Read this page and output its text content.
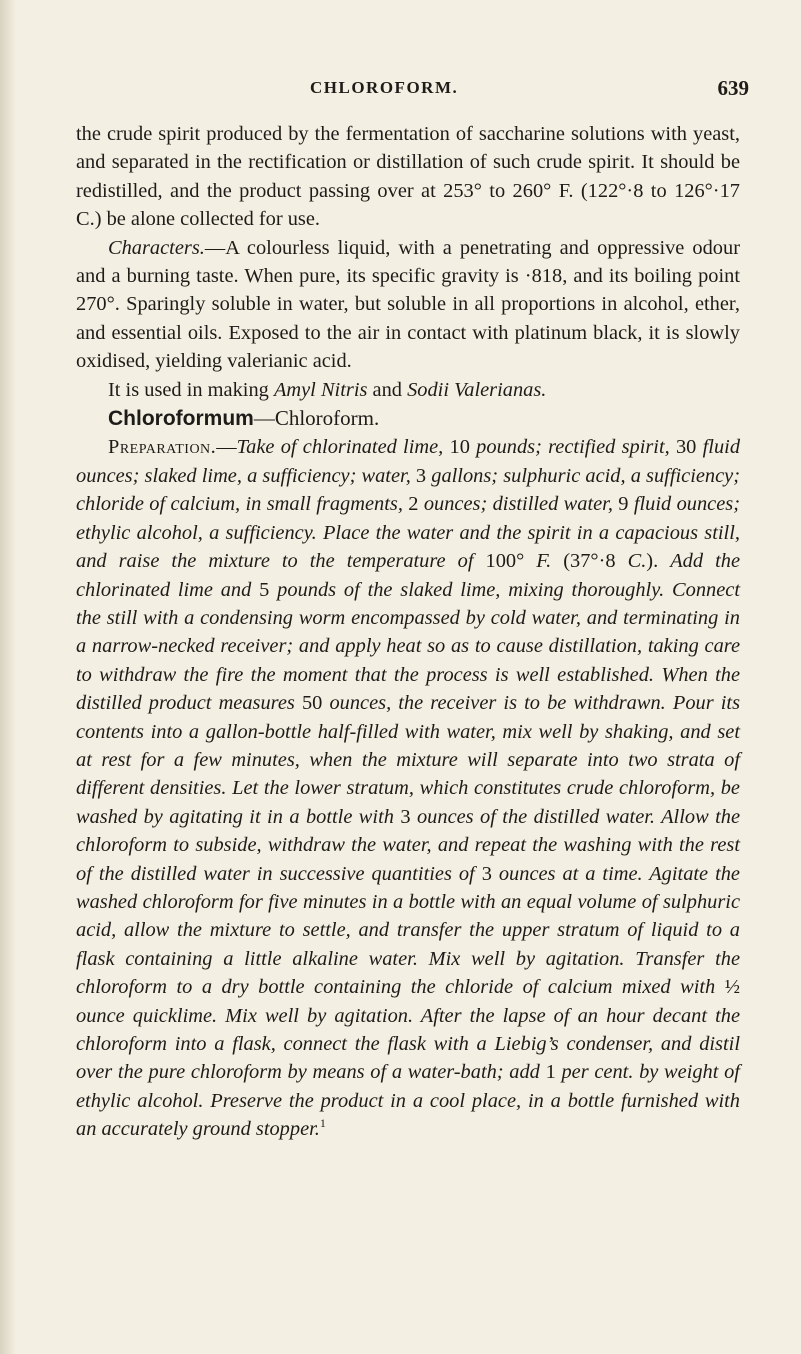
CHLOROFORM.	639

the crude spirit produced by the fermentation of saccharine solutions with yeast, and separated in the rectification or distillation of such crude spirit. It should be redistilled, and the product passing over at 253° to 260° F. (122°·8 to 126°·17 C.) be alone collected for use.

Characters.—A colourless liquid, with a penetrating and oppressive odour and a burning taste. When pure, its specific gravity is ·818, and its boiling point 270°. Sparingly soluble in water, but soluble in all proportions in alcohol, ether, and essential oils. Exposed to the air in contact with platinum black, it is slowly oxidised, yielding valerianic acid.

It is used in making Amyl Nitris and Sodii Valerianas.

Chloroformum—Chloroform.

Preparation.—Take of chlorinated lime, 10 pounds; rectified spirit, 30 fluid ounces; slaked lime, a sufficiency; water, 3 gallons; sulphuric acid, a sufficiency; chloride of calcium, in small fragments, 2 ounces; distilled water, 9 fluid ounces; ethylic alcohol, a sufficiency. Place the water and the spirit in a capacious still, and raise the mixture to the temperature of 100° F. (37°·8 C.). Add the chlorinated lime and 5 pounds of the slaked lime, mixing thoroughly. Connect the still with a condensing worm encompassed by cold water, and terminating in a narrow-necked receiver; and apply heat so as to cause distillation, taking care to withdraw the fire the moment that the process is well established. When the distilled product measures 50 ounces, the receiver is to be withdrawn. Pour its contents into a gallon-bottle half-filled with water, mix well by shaking, and set at rest for a few minutes, when the mixture will separate into two strata of different densities. Let the lower stratum, which constitutes crude chloroform, be washed by agitating it in a bottle with 3 ounces of the distilled water. Allow the chloroform to subside, withdraw the water, and repeat the washing with the rest of the distilled water in successive quantities of 3 ounces at a time. Agitate the washed chloroform for five minutes in a bottle with an equal volume of sulphuric acid, allow the mixture to settle, and transfer the upper stratum of liquid to a flask containing a little alkaline water. Mix well by agitation. Transfer the chloroform to a dry bottle containing the chloride of calcium mixed with ½ ounce quicklime. Mix well by agitation. After the lapse of an hour decant the chloroform into a flask, connect the flask with a Liebig’s condenser, and distil over the pure chloroform by means of a water-bath; add 1 per cent. by weight of ethylic alcohol. Preserve the product in a cool place, in a bottle furnished with an accurately ground stopper.$^1$
